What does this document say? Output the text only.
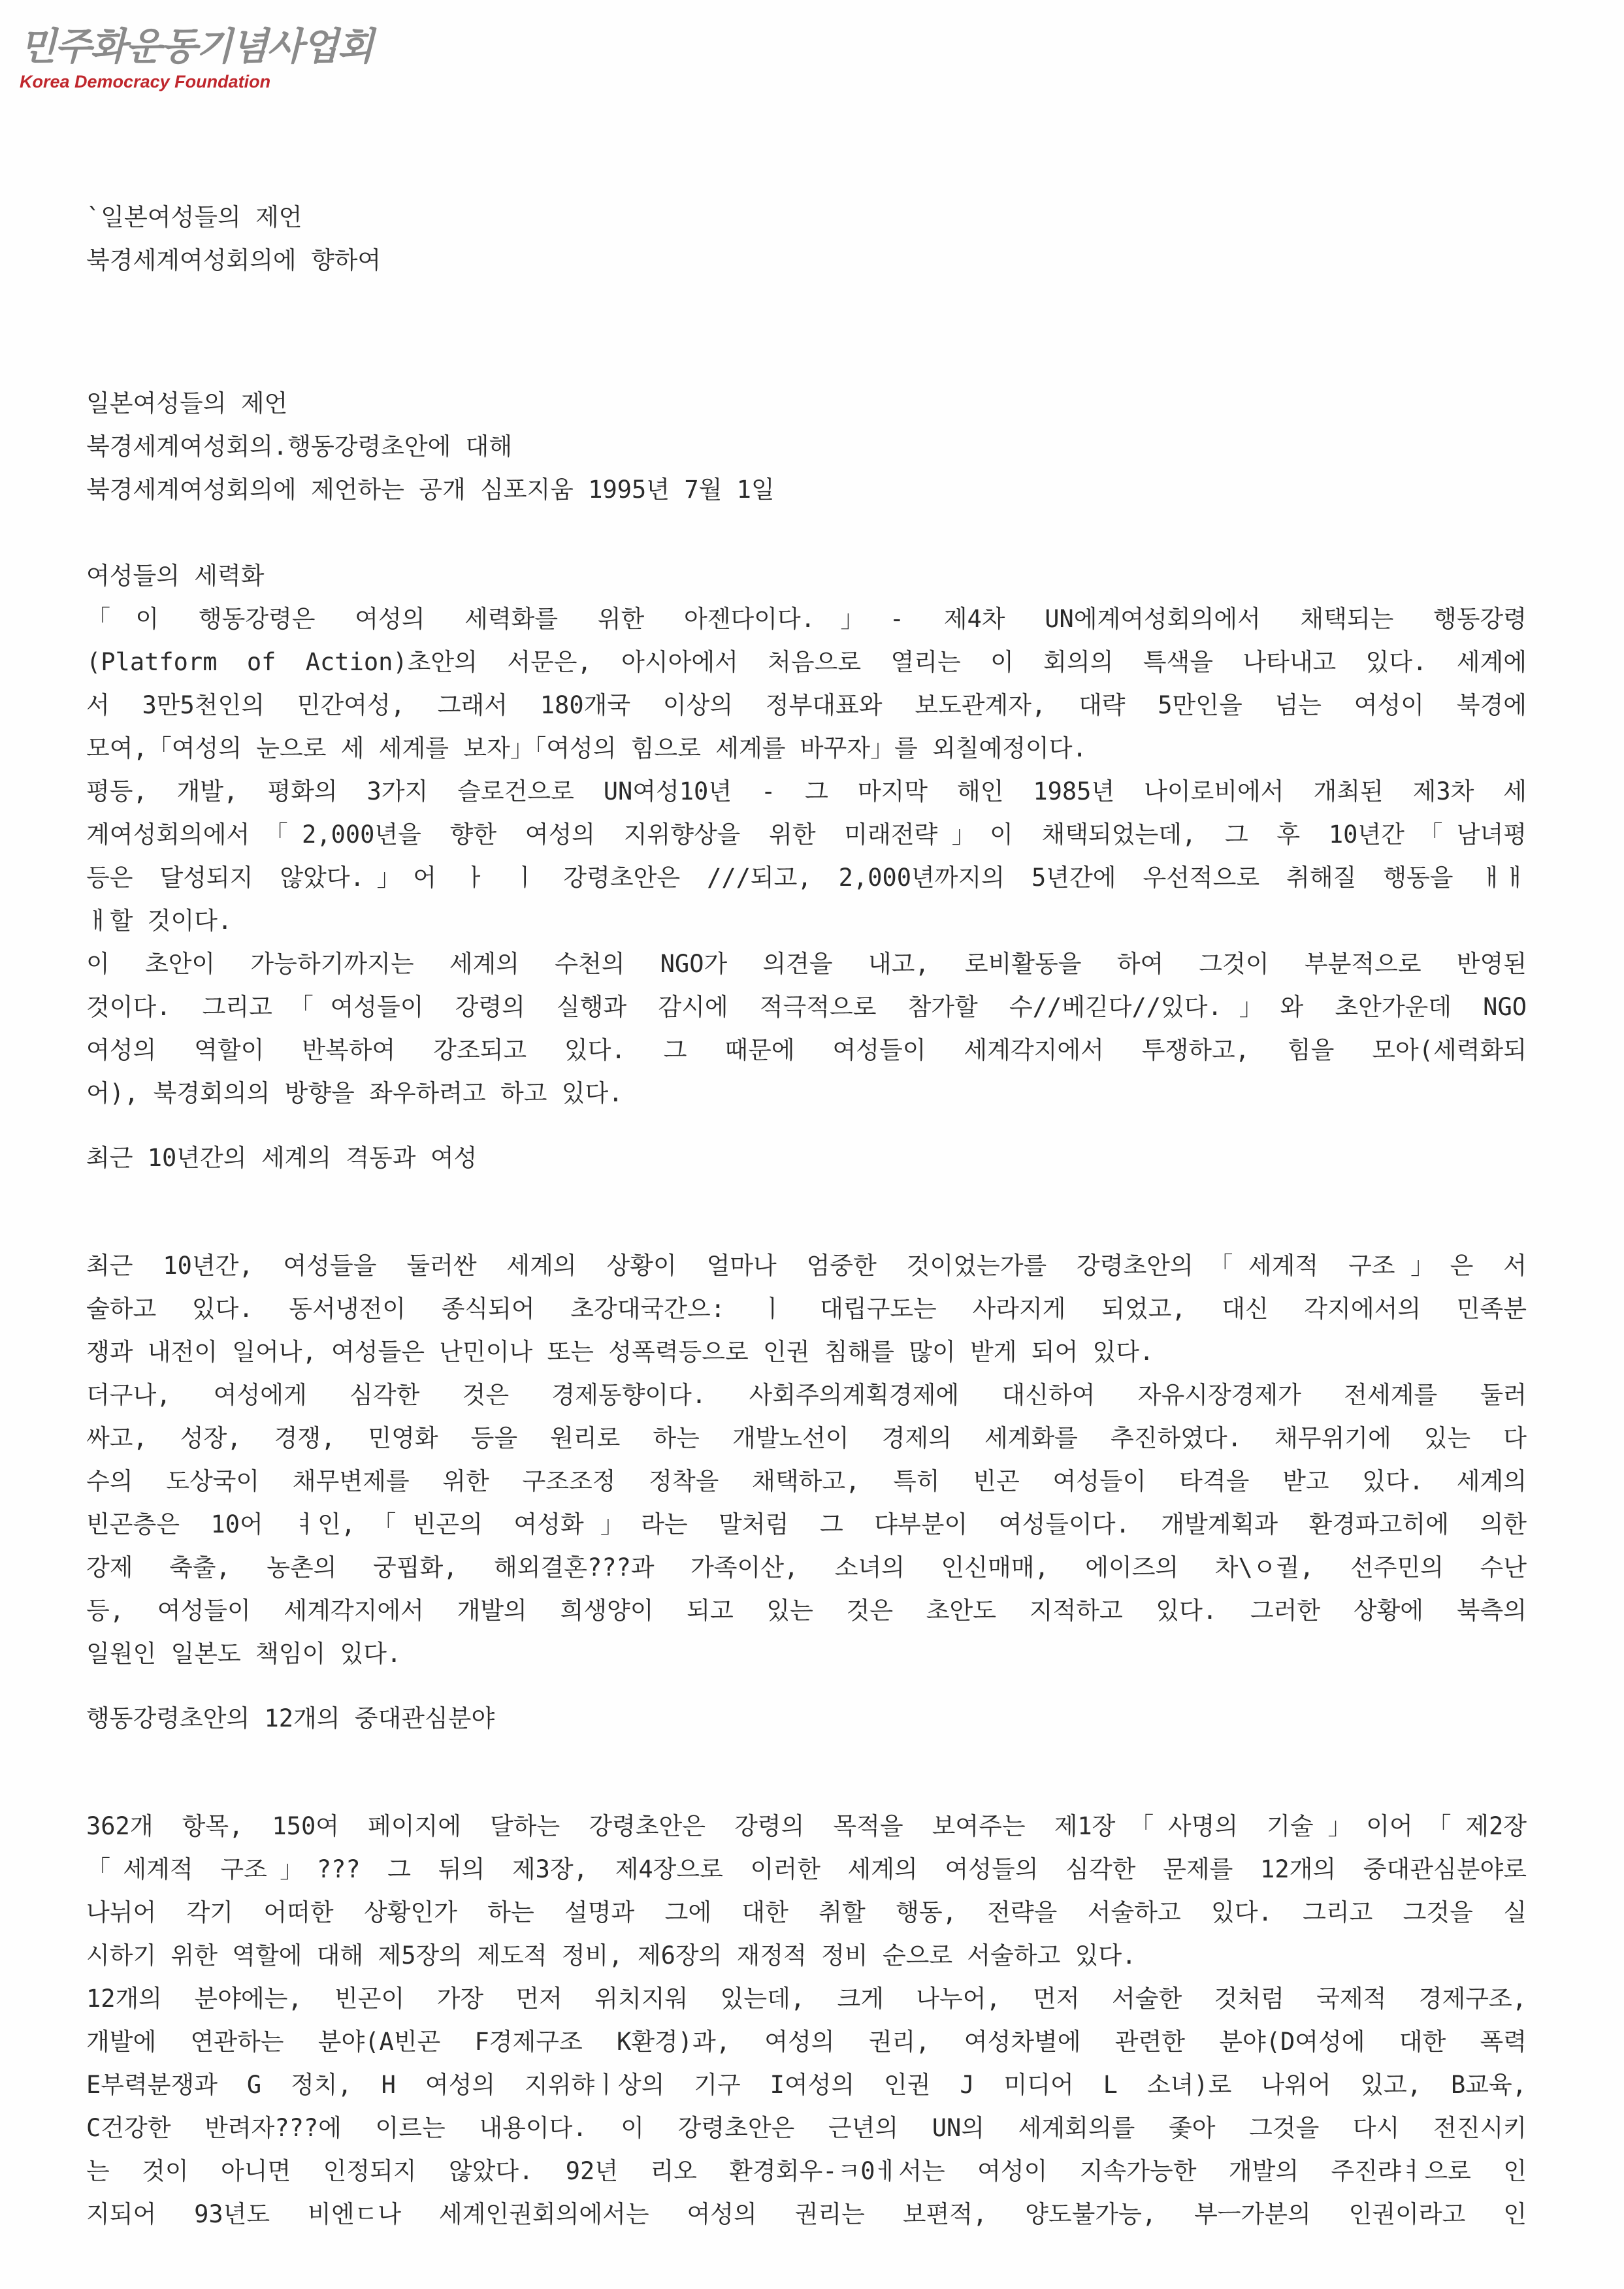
민주화운동기념사업회
Korea Democracy Foundation
`일본여성들의 제언
북경세계여성회의에 향하여
일본여성들의 제언
북경세계여성회의.행동강령초안에 대해
북경세계여성회의에 제언하는 공개 심포지움 1995년 7월 1일
여성들의 세력화
「이 행동강령은 여성의 세력화를 위한 아젠다이다.」- 제4차 UN에계여성회의에서 채택되는 행동강령
(Platform of Action)초안의 서문은, 아시아에서 처음으로 열리는 이 회의의 특색을 나타내고 있다. 세계에
서 3만5천인의 민간여성, 그래서 180개국 이상의 정부대표와 보도관계자, 대략 5만인을 넘는 여성이 북경에
모여,「여성의 눈으로 세 세계를 보자」「여성의 힘으로 세계를 바꾸자」를 외칠예정이다.
평등, 개발, 평화의 3가지 슬로건으로 UN여성10년 - 그 마지막 해인 1985년 나이로비에서 개최된 제3차 세
계여성회의에서「2,000년을 향한 여성의 지위향상을 위한 미래전략」이 채택되었는데, 그 후 10년간「남녀평
등은 달성되지 않았다.」어 ㅏ ㅣ 강령초안은 ///되고, 2,000년까지의 5년간에 우선적으로 취해질 행동을 ㅐㅐ
ㅐ할 것이다.
이 초안이 가능하기까지는 세계의 수천의 NGO가 의견을 내고, 로비활동을 하여 그것이 부분적으로 반영된
것이다. 그리고「여성들이 강령의 실행과 감시에 적극적으로 참가할 수//베긷다//있다.」와 초안가운데 NGO
여성의 역할이 반복하여 강조되고 있다. 그 때문에 여성들이 세계각지에서 투쟁하고, 힘을 모아(세력화되
어), 북경회의의 방향을 좌우하려고 하고 있다.
최근 10년간의 세계의 격동과 여성
최근 10년간, 여성들을 둘러싼 세계의 상황이 얼마나 엄중한 것이었는가를 강령초안의「세계적 구조」은 서
술하고 있다. 동서냉전이 종식되어 초강대국간으: ㅣ 대립구도는 사라지게 되었고, 대신 각지에서의 민족분
쟁과 내전이 일어나, 여성들은 난민이나 또는 성폭력등으로 인권 침해를 많이 받게 되어 있다.
더구나, 여성에게 심각한 것은 경제동향이다. 사회주의계획경제에 대신하여 자유시장경제가 전세계를 둘러
싸고, 성장, 경쟁, 민영화 등을 원리로 하는 개발노선이 경제의 세계화를 추진하였다. 채무위기에 있는 다
수의 도상국이 채무변제를 위한 구조조정 정착을 채택하고, 특히 빈곤 여성들이 타격을 받고 있다. 세계의
빈곤층은 10어 ㅕ인,「빈곤의 여성화」라는 말처럼 그 댜부분이 여성들이다. 개발계획과 환경파고히에 의한
강제 축출, 농촌의 궁핍화, 해외결혼???과 가족이산, 소녀의 인신매매, 에이즈의 차\ㅇ궐, 선주민의 수난
등, 여성들이 세계각지에서 개발의 희생양이 되고 있는 것은 초안도 지적하고 있다. 그러한 상황에 북측의
일원인 일본도 책임이 있다.
행동강령초안의 12개의 중대관심분야
362개 항목, 150여 페이지에 달하는 강령초안은 강령의 목적을 보여주는 제1장「사명의 기술」이어「제2장
「세계적 구조」??? 그 뒤의 제3장, 제4장으로 이러한 세계의 여성들의 심각한 문제를 12개의 중대관심분야로
나뉘어 각기 어떠한 상황인가 하는 설명과 그에 대한 취할 행동, 전략을 서술하고 있다. 그리고 그것을 실
시하기 위한 역할에 대해 제5장의 제도적 정비, 제6장의 재정적 정비 순으로 서술하고 있다.
12개의 분야에는, 빈곤이 가장 먼저 위치지워 있는데, 크게 나누어, 먼저 서술한 것처럼 국제적 경제구조,
개발에 연관하는 분야(A빈곤 F경제구조 K환경)과, 여성의 권리, 여성차별에 관련한 분야(D여성에 대한 폭력
E부력분쟁과 G 정치, H 여성의 지위햐ㅣ상의 기구 I여성의 인권 J 미디어 L 소녀)로 나위어 있고, B교육,
C건강한 반려자???에 이르는 내용이다. 이 강령초안은 근년의 UN의 세계회의를 좇아 그것을 다시 전진시키
는 것이 아니면 인정되지 않았다. 92년 리오 환경회우-ㅋ0ㅔ서는 여성이 지속가능한 개발의 주진랴ㅕ으로 인
지되어 93년도 비엔ㄷ나 세계인권회의에서는 여성의 권리는 보편적, 양도불가능, 부ㅡ가분의 인권이라고 인
